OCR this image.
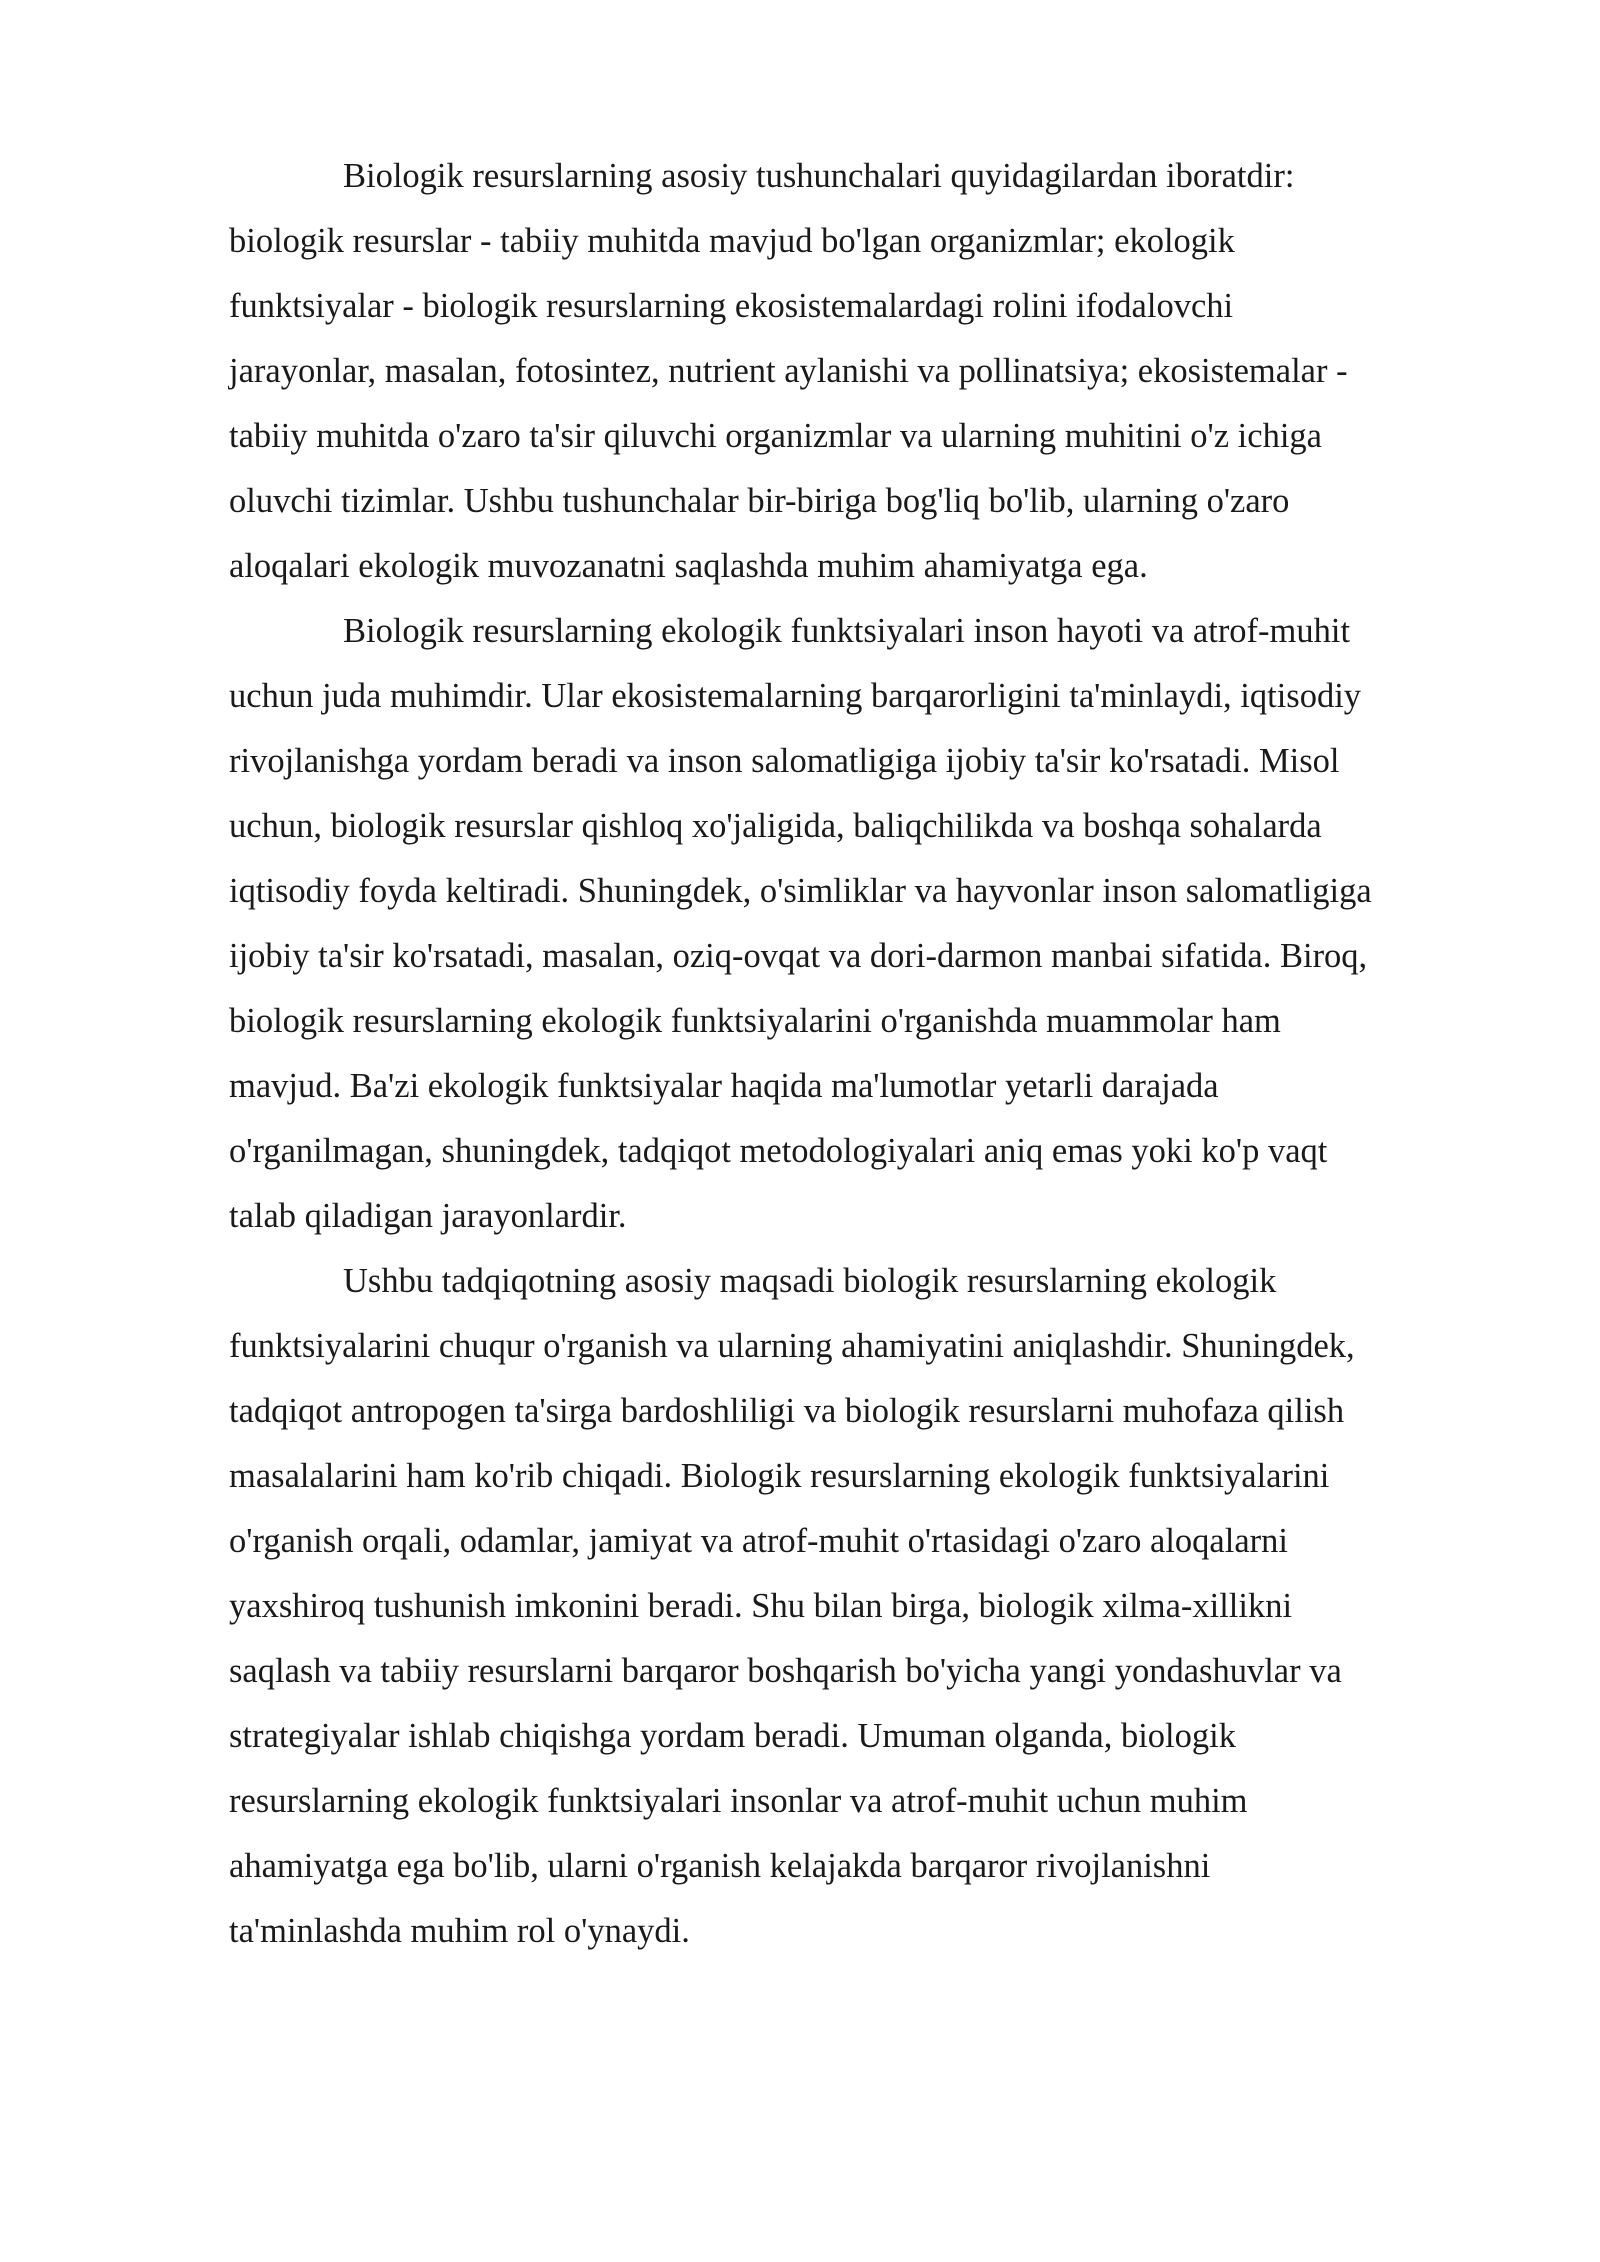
Biologik resurslarning asosiy tushunchalari quyidagilardan iboratdir:
biologik resurslar - tabiiy muhitda mavjud bo'lgan organizmlar; ekologik
funktsiyalar - biologik resurslarning ekosistemalardagi rolini ifodalovchi
jarayonlar, masalan, fotosintez, nutrient aylanishi va pollinatsiya; ekosistemalar -
tabiiy muhitda o'zaro ta'sir qiluvchi organizmlar va ularning muhitini o'z ichiga
oluvchi tizimlar. Ushbu tushunchalar bir-biriga bog'liq bo'lib, ularning o'zaro
aloqalari ekologik muvozanatni saqlashda muhim ahamiyatga ega.
Biologik resurslarning ekologik funktsiyalari inson hayoti va atrof-muhit
uchun juda muhimdir. Ular ekosistemalarning barqarorligini ta'minlaydi, iqtisodiy
rivojlanishga yordam beradi va inson salomatligiga ijobiy ta'sir ko'rsatadi. Misol
uchun, biologik resurslar qishloq xo'jaligida, baliqchilikda va boshqa sohalarda
iqtisodiy foyda keltiradi. Shuningdek, o'simliklar va hayvonlar inson salomatligiga
ijobiy ta'sir ko'rsatadi, masalan, oziq-ovqat va dori-darmon manbai sifatida. Biroq,
biologik resurslarning ekologik funktsiyalarini o'rganishda muammolar ham
mavjud. Ba'zi ekologik funktsiyalar haqida ma'lumotlar yetarli darajada
o'rganilmagan, shuningdek, tadqiqot metodologiyalari aniq emas yoki ko'p vaqt
talab qiladigan jarayonlardir.
Ushbu tadqiqotning asosiy maqsadi biologik resurslarning ekologik
funktsiyalarini chuqur o'rganish va ularning ahamiyatini aniqlashdir. Shuningdek,
tadqiqot antropogen ta'sirga bardoshliligi va biologik resurslarni muhofaza qilish
masalalarini ham ko'rib chiqadi. Biologik resurslarning ekologik funktsiyalarini
o'rganish orqali, odamlar, jamiyat va atrof-muhit o'rtasidagi o'zaro aloqalarni
yaxshiroq tushunish imkonini beradi. Shu bilan birga, biologik xilma-xillikni
saqlash va tabiiy resurslarni barqaror boshqarish bo'yicha yangi yondashuvlar va
strategiyalar ishlab chiqishga yordam beradi. Umuman olganda, biologik
resurslarning ekologik funktsiyalari insonlar va atrof-muhit uchun muhim
ahamiyatga ega bo'lib, ularni o'rganish kelajakda barqaror rivojlanishni
ta'minlashda muhim rol o'ynaydi.
